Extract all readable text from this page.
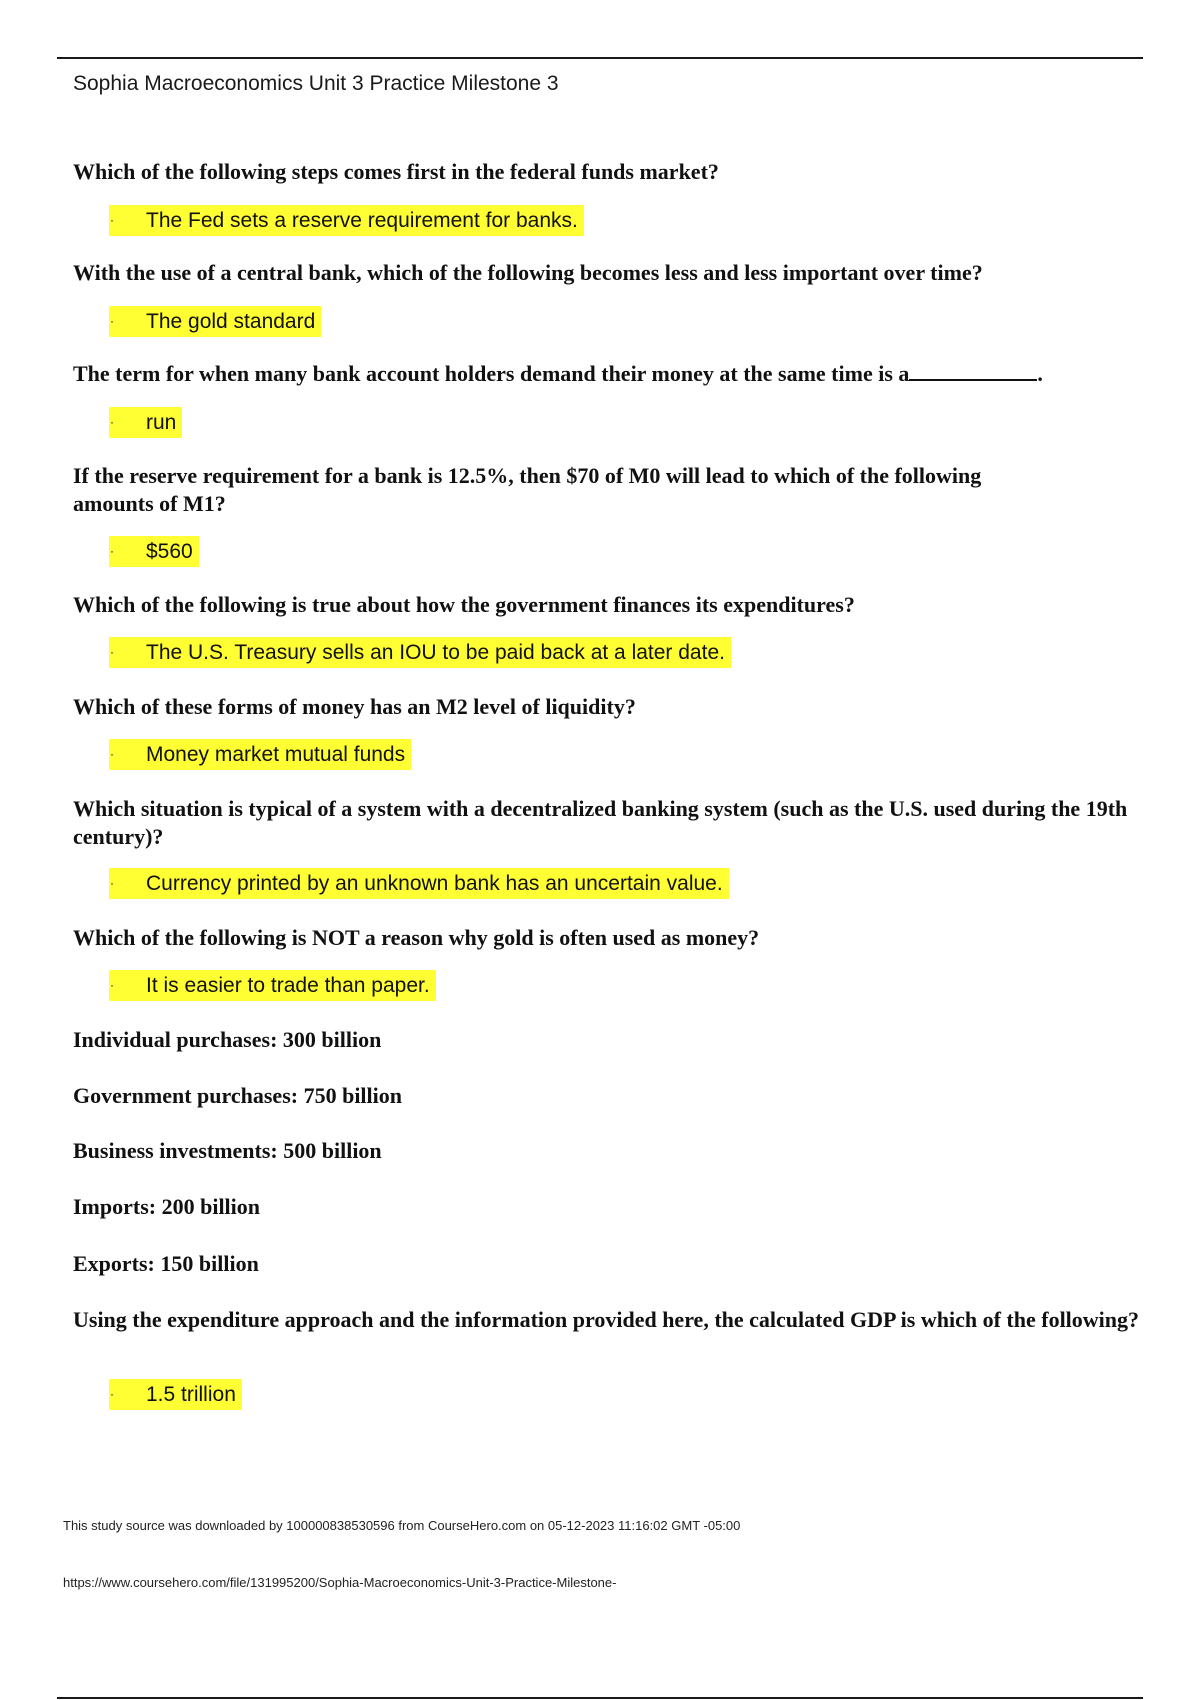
Sophia Macroeconomics Unit 3 Practice Milestone 3

Which of the following steps comes first in the federal funds market?

· The Fed sets a reserve requirement for banks.

With the use of a central bank, which of the following becomes less and less important over time?

· The gold standard

The term for when many bank account holders demand their money at the same time is a	.

· run

If the reserve requirement for a bank is 12.5%, then $70 of M0 will lead to which of the following amounts of M1?

· $560

Which of the following is true about how the government finances its expenditures?

· The U.S. Treasury sells an IOU to be paid back at a later date.

Which of these forms of money has an M2 level of liquidity?

· Money market mutual funds

Which situation is typical of a system with a decentralized banking system (such as the U.S. used during the 19th century)?

· Currency printed by an unknown bank has an uncertain value.

Which of the following is NOT a reason why gold is often used as money?

· It is easier to trade than paper.

Individual purchases: 300 billion

Government purchases: 750 billion

Business investments: 500 billion

Imports: 200 billion

Exports: 150 billion

Using the expenditure approach and the information provided here, the calculated GDP is which of the following?

· 1.5 trillion
This study source was downloaded by 100000838530596 from CourseHero.com on 05-12-2023 11:16:02 GMT -05:00
https://www.coursehero.com/file/131995200/Sophia-Macroeconomics-Unit-3-Practice-Milestone-
